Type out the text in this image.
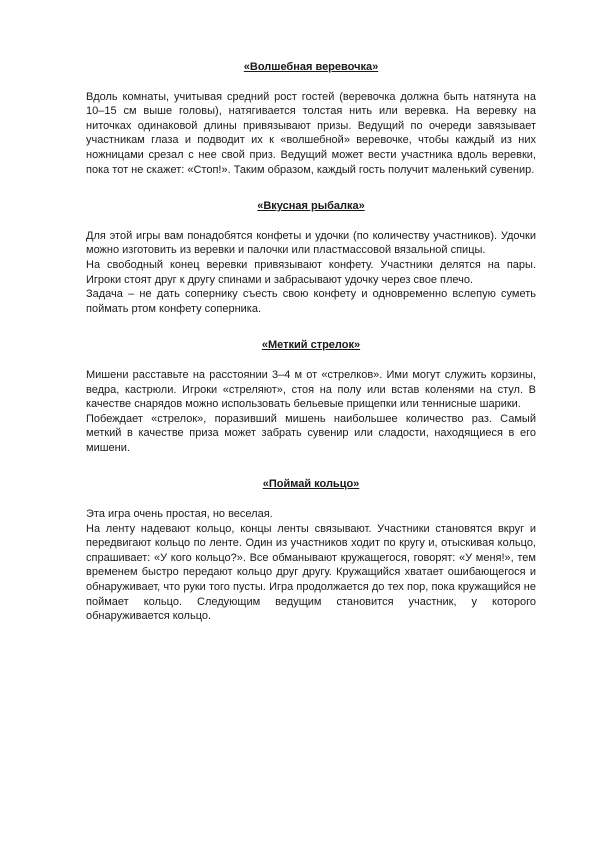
«Волшебная веревочка»

Вдоль комнаты, учитывая средний рост гостей (веревочка должна быть натянута на 10–15 см выше головы), натягивается толстая нить или веревка. На веревку на ниточках одинаковой длины привязывают призы. Ведущий по очереди завязывает участникам глаза и подводит их к «волшебной» веревочке, чтобы каждый из них ножницами срезал с нее свой приз. Ведущий может вести участника вдоль веревки, пока тот не скажет: «Стоп!». Таким образом, каждый гость получит маленький сувенир.

«Вкусная рыбалка»

Для этой игры вам понадобятся конфеты и удочки (по количеству участников). Удочки можно изготовить из веревки и палочки или пластмассовой вязальной спицы.

На свободный конец веревки привязывают конфету. Участники делятся на пары. Игроки стоят друг к другу спинами и забрасывают удочку через свое плечо.

Задача – не дать сопернику съесть свою конфету и одновременно вслепую суметь поймать ртом конфету соперника.

«Меткий стрелок»

Мишени расставьте на расстоянии 3–4 м от «стрелков». Ими могут служить корзины, ведра, кастрюли. Игроки «стреляют», стоя на полу или встав коленями на стул. В качестве снарядов можно использовать бельевые прищепки или теннисные шарики.

Побеждает «стрелок», поразивший мишень наибольшее количество раз. Самый меткий в качестве приза может забрать сувенир или сладости, находящиеся в его мишени.

«Поймай кольцо»

Эта игра очень простая, но веселая.

На ленту надевают кольцо, концы ленты связывают. Участники становятся вкруг и передвигают кольцо по ленте. Один из участников ходит по кругу и, отыскивая кольцо, спрашивает: «У кого кольцо?». Все обманывают кружащегося, говорят: «У меня!», тем временем быстро передают кольцо друг другу. Кружащийся хватает ошибающегося и обнаруживает, что руки того пусты. Игра продолжается до тех пор, пока кружащийся не поймает кольцо. Следующим ведущим становится участник, у которого обнаруживается кольцо.
